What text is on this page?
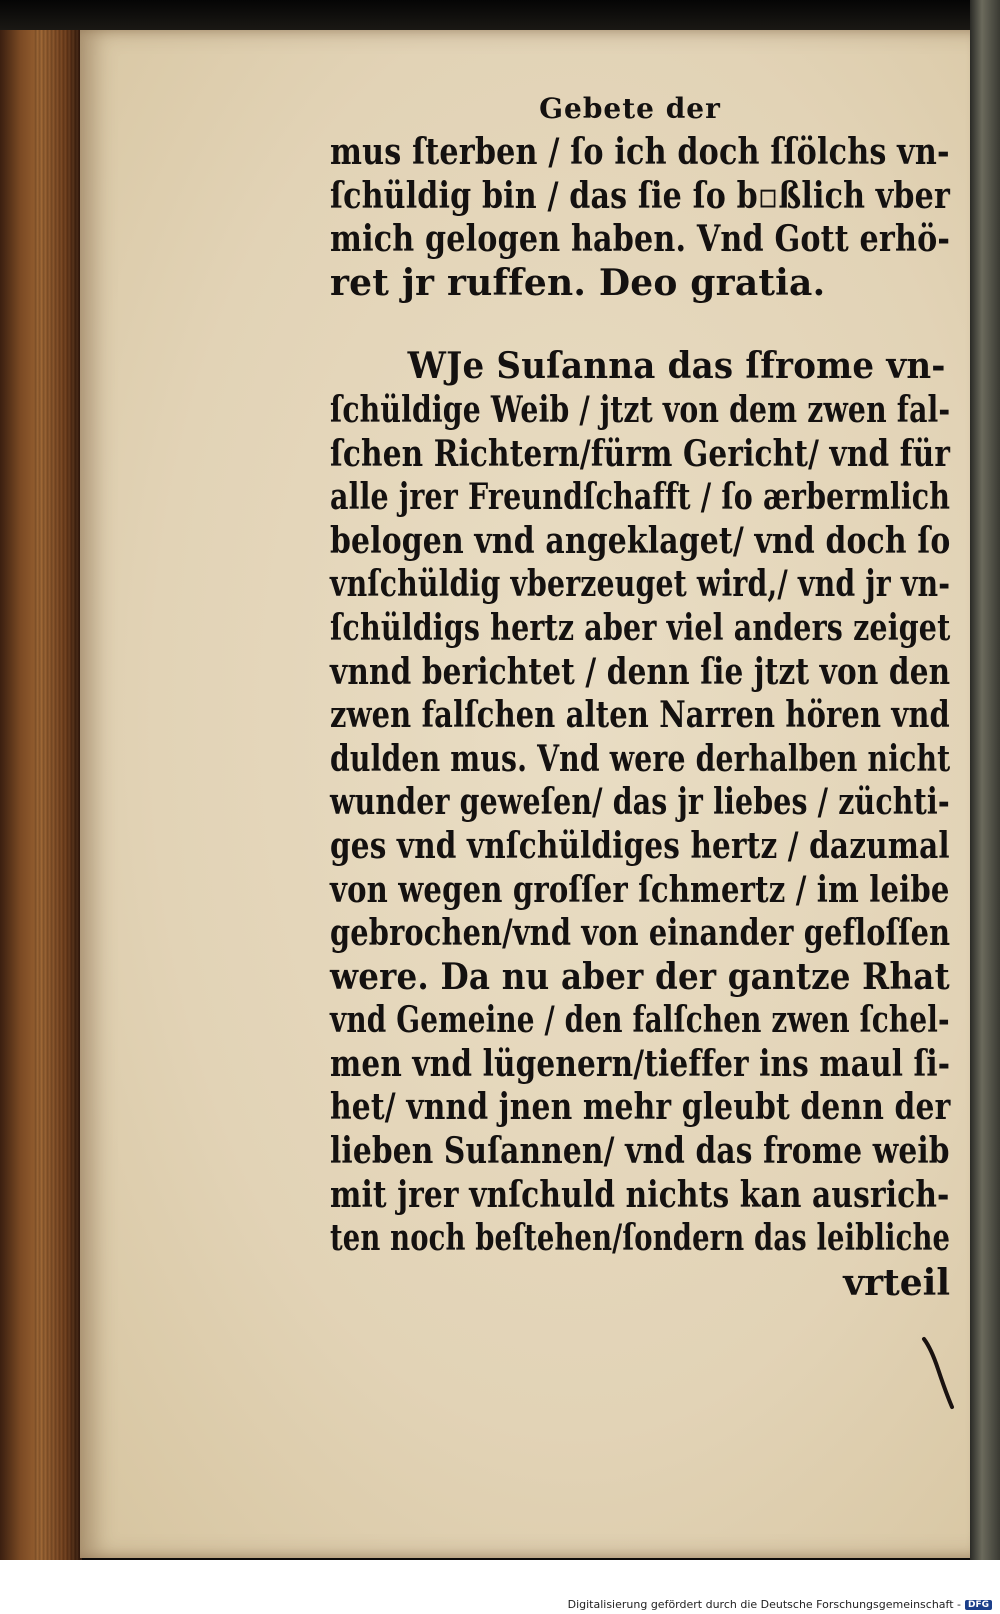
Gebete der
mus ſterben / ſo ich doch ſſölchs vn‑
ſchüldig bin / das ſie ſo b▫ßlich vber
mich gelogen haben. Vnd Gott erhö‑
ret jr ruffen. Deo gratia.
WJe Suſanna das ſfrome vn‑
ſchüldige Weib / jtzt von dem zwen fal‑
ſchen Richtern/fürm Gericht/ vnd für
alle jrer Freundſchafft / ſo ærbermlich
belogen vnd angeklaget/ vnd doch ſo
vnſchüldig vberzeuget wird,/ vnd jr vn‑
ſchüldigs hertz aber viel anders zeiget
vnnd berichtet / denn ſie jtzt von den
zwen falſchen alten Narren hören vnd
dulden mus. Vnd were derhalben nicht
wunder geweſen/ das jr liebes / züchti‑
ges vnd vnſchüldiges hertz / dazumal
von wegen groſſer ſchmertz / im leibe
gebrochen/vnd von einander gefloſſen
were. Da nu aber der gantze Rhat
vnd Gemeine / den falſchen zwen ſchel‑
men vnd lügenern/tieffer ins maul ſi‑
het/ vnnd jnen mehr gleubt denn der
lieben Suſannen/ vnd das frome weib
mit jrer vnſchuld nichts kan ausrich‑
ten noch beſtehen/ſondern das leibliche
vrteil
Digitalisierung gefördert durch die Deutsche Forschungsgemeinschaft - DFG
